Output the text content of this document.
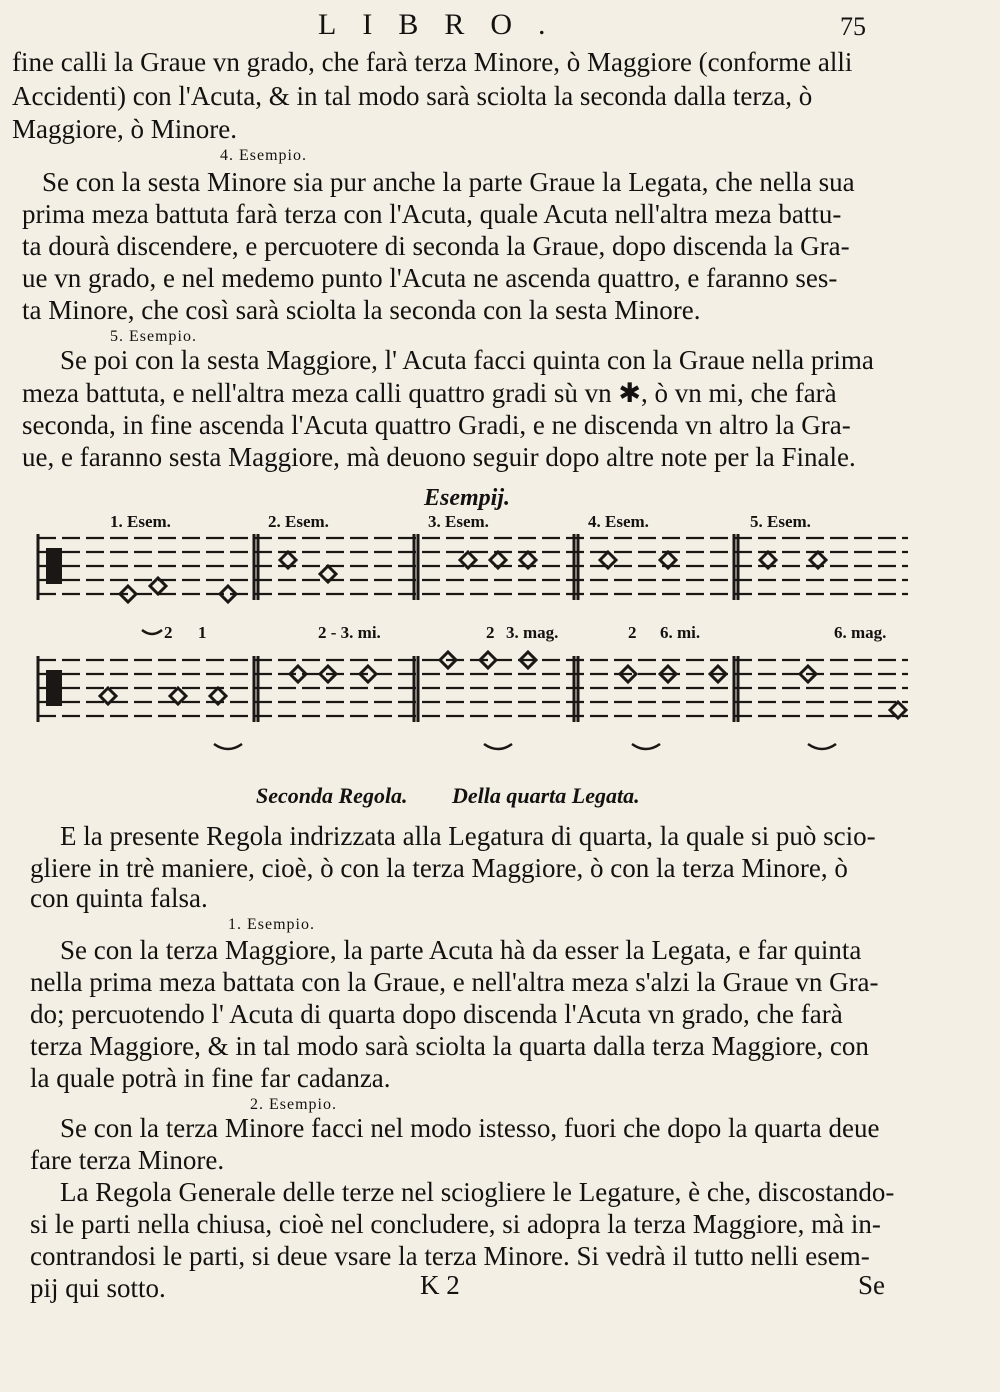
LIBRO.	75
fine calli la Graue vn grado, che farà terza Minore, ò Maggiore (conforme alli
Accidenti) con l'Acuta, & in tal modo sarà sciolta la seconda dalla terza, ò
Maggiore, ò Minore.
4. Esempio.
Se con la sesta Minore sia pur anche la parte Graue la Legata, che nella sua
prima meza battuta farà terza con l'Acuta, quale Acuta nell'altra meza battu-
ta dourà discendere, e percuotere di seconda la Graue, dopo discenda la Gra-
ue vn grado, e nel medemo punto l'Acuta ne ascenda quattro, e faranno ses-
ta Minore, che così sarà sciolta la seconda con la sesta Minore.
5. Esempio.
Se poi con la sesta Maggiore, l' Acuta facci quinta con la Graue nella prima
meza battuta, e nell'altra meza calli quattro gradi sù vn ✱, ò vn mi, che farà
seconda, in fine ascenda l'Acuta quattro Gradi, e ne discenda vn altro la Gra-
ue, e faranno sesta Maggiore, mà deuono seguir dopo altre note per la Finale.
Esempij.
1. Esem.	2. Esem.	3. Esem.	4. Esem.	5. Esem.
2 1	2 - 3. mi.	2 3. mag.	2 6. mi.	6. mag.
Seconda Regola. Della quarta Legata.
E la presente Regola indrizzata alla Legatura di quarta, la quale si può scio-
gliere in trè maniere, cioè, ò con la terza Maggiore, ò con la terza Minore, ò
con quinta falsa.
1. Esempio.
Se con la terza Maggiore, la parte Acuta hà da esser la Legata, e far quinta
nella prima meza battata con la Graue, e nell'altra meza s'alzi la Graue vn Gra-
do; percuotendo l' Acuta di quarta dopo discenda l'Acuta vn grado, che farà
terza Maggiore, & in tal modo sarà sciolta la quarta dalla terza Maggiore, con
la quale potrà in fine far cadanza.
2. Esempio.
Se con la terza Minore facci nel modo istesso, fuori che dopo la quarta deue
fare terza Minore.
La Regola Generale delle terze nel sciogliere le Legature, è che, discostando-
si le parti nella chiusa, cioè nel concludere, si adopra la terza Maggiore, mà in-
contrandosi le parti, si deue vsare la terza Minore. Si vedrà il tutto nelli esem-
pij qui sotto.	K 2	Se
